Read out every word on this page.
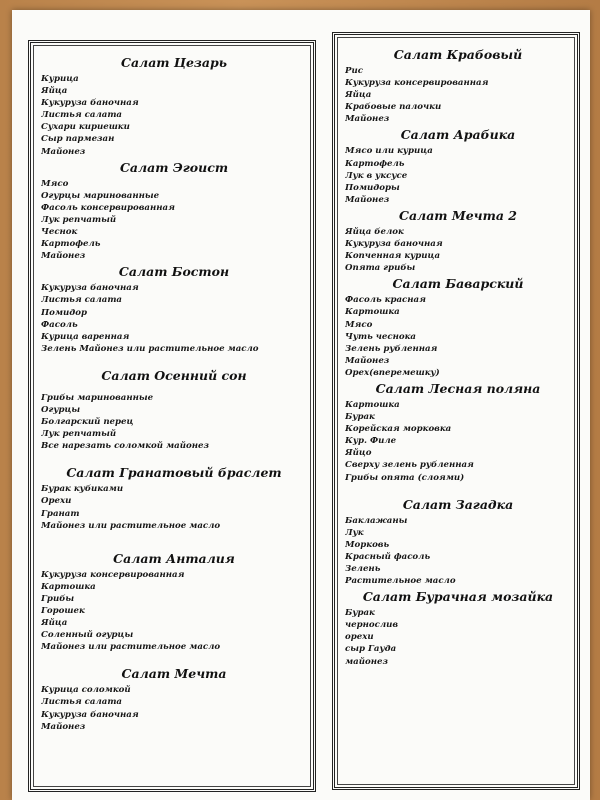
Салат Цезарь
Курица
Яйца
Кукуруза баночная
Листья салата
Сухари кириешки
Сыр пармезан
Майонез
Салат Эгоист
Мясо
Огурцы маринованные
Фасоль консервированная
Лук репчатый
Чеснок
Картофель
Майонез
Салат Бостон
Кукуруза баночная
Листья салата
Помидор
Фасоль
Курица варенная
Зелень Майонез или растительное масло
Салат Осенний сон
Грибы маринованные
Огурцы
Болгарский перец
Лук репчатый
Все нарезать соломкой майонез
Салат Гранатовый браслет
Бурак кубиками
Орехи
Гранат
Майонез или растительное масло
Салат Анталия
Кукуруза консервированная
Картошка
Грибы
Горошек
Яйца
Соленный огурцы
Майонез или растительное масло
Салат Мечта
Курица соломкой
Листья салата
Кукуруза баночная
Майонез
Салат Крабовый
Рис
Кукуруза консервированная
Яйца
Крабовые палочки
Майонез
Салат Арабика
Мясо или курица
Картофель
Лук в уксусе
Помидоры
Майонез
Салат Мечта 2
Яйца белок
Кукуруза баночная
Копченная курица
Опята грибы
Салат Баварский
Фасоль красная
Картошка
Мясо
Чуть чеснока
Зелень рубленная
Майонез
Орех(вперемешку)
Салат Лесная поляна
Картошка
Бурак
Корейская морковка
Кур. Филе
Яйцо
Сверху зелень рубленная
Грибы опята (слоями)
Салат Загадка
Баклажаны
Лук
Морковь
Красный фасоль
Зелень
Растительное масло
Салат Бурачная мозайка
Бурак
чернослив
орехи
сыр Гауда
майонез
